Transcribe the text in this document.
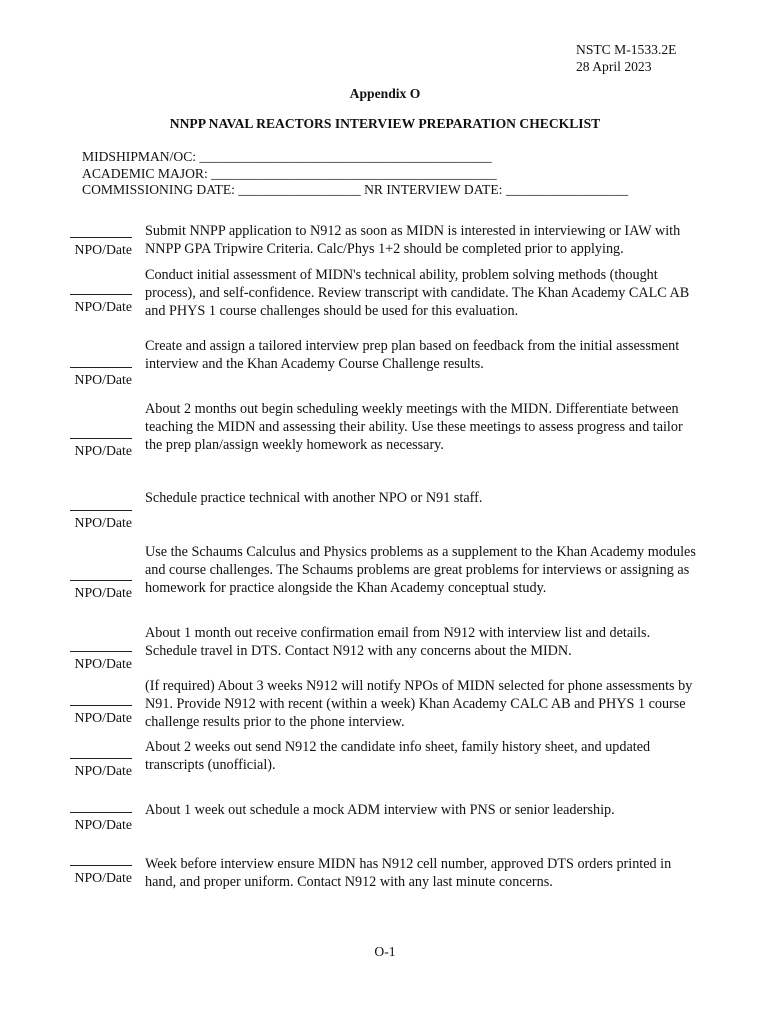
NSTC M-1533.2E
28 April 2023
Appendix O
NNPP NAVAL REACTORS INTERVIEW PREPARATION CHECKLIST
MIDSHIPMAN/OC: ___________________________________________
ACADEMIC MAJOR: __________________________________________
COMMISSIONING DATE: __________________ NR INTERVIEW DATE: __________________
Submit NNPP application to N912 as soon as MIDN is interested in interviewing or IAW with NNPP GPA Tripwire Criteria. Calc/Phys 1+2 should be completed prior to applying.
NPO/Date
Conduct initial assessment of MIDN's technical ability, problem solving methods (thought process), and self-confidence. Review transcript with candidate. The Khan Academy CALC AB and PHYS 1 course challenges should be used for this evaluation.
NPO/Date
Create and assign a tailored interview prep plan based on feedback from the initial assessment interview and the Khan Academy Course Challenge results.
NPO/Date
About 2 months out begin scheduling weekly meetings with the MIDN. Differentiate between teaching the MIDN and assessing their ability. Use these meetings to assess progress and tailor the prep plan/assign weekly homework as necessary.
NPO/Date
Schedule practice technical with another NPO or N91 staff.
NPO/Date
Use the Schaums Calculus and Physics problems as a supplement to the Khan Academy modules and course challenges. The Schaums problems are great problems for interviews or assigning as homework for practice alongside the Khan Academy conceptual study.
NPO/Date
About 1 month out receive confirmation email from N912 with interview list and details. Schedule travel in DTS. Contact N912 with any concerns about the MIDN.
NPO/Date
(If required) About 3 weeks N912 will notify NPOs of MIDN selected for phone assessments by N91. Provide N912 with recent (within a week) Khan Academy CALC AB and PHYS 1 course challenge results prior to the phone interview.
NPO/Date
About 2 weeks out send N912 the candidate info sheet, family history sheet, and updated transcripts (unofficial).
NPO/Date
About 1 week out schedule a mock ADM interview with PNS or senior leadership.
NPO/Date
Week before interview ensure MIDN has N912 cell number, approved DTS orders printed in hand, and proper uniform. Contact N912 with any last minute concerns.
NPO/Date
O-1
